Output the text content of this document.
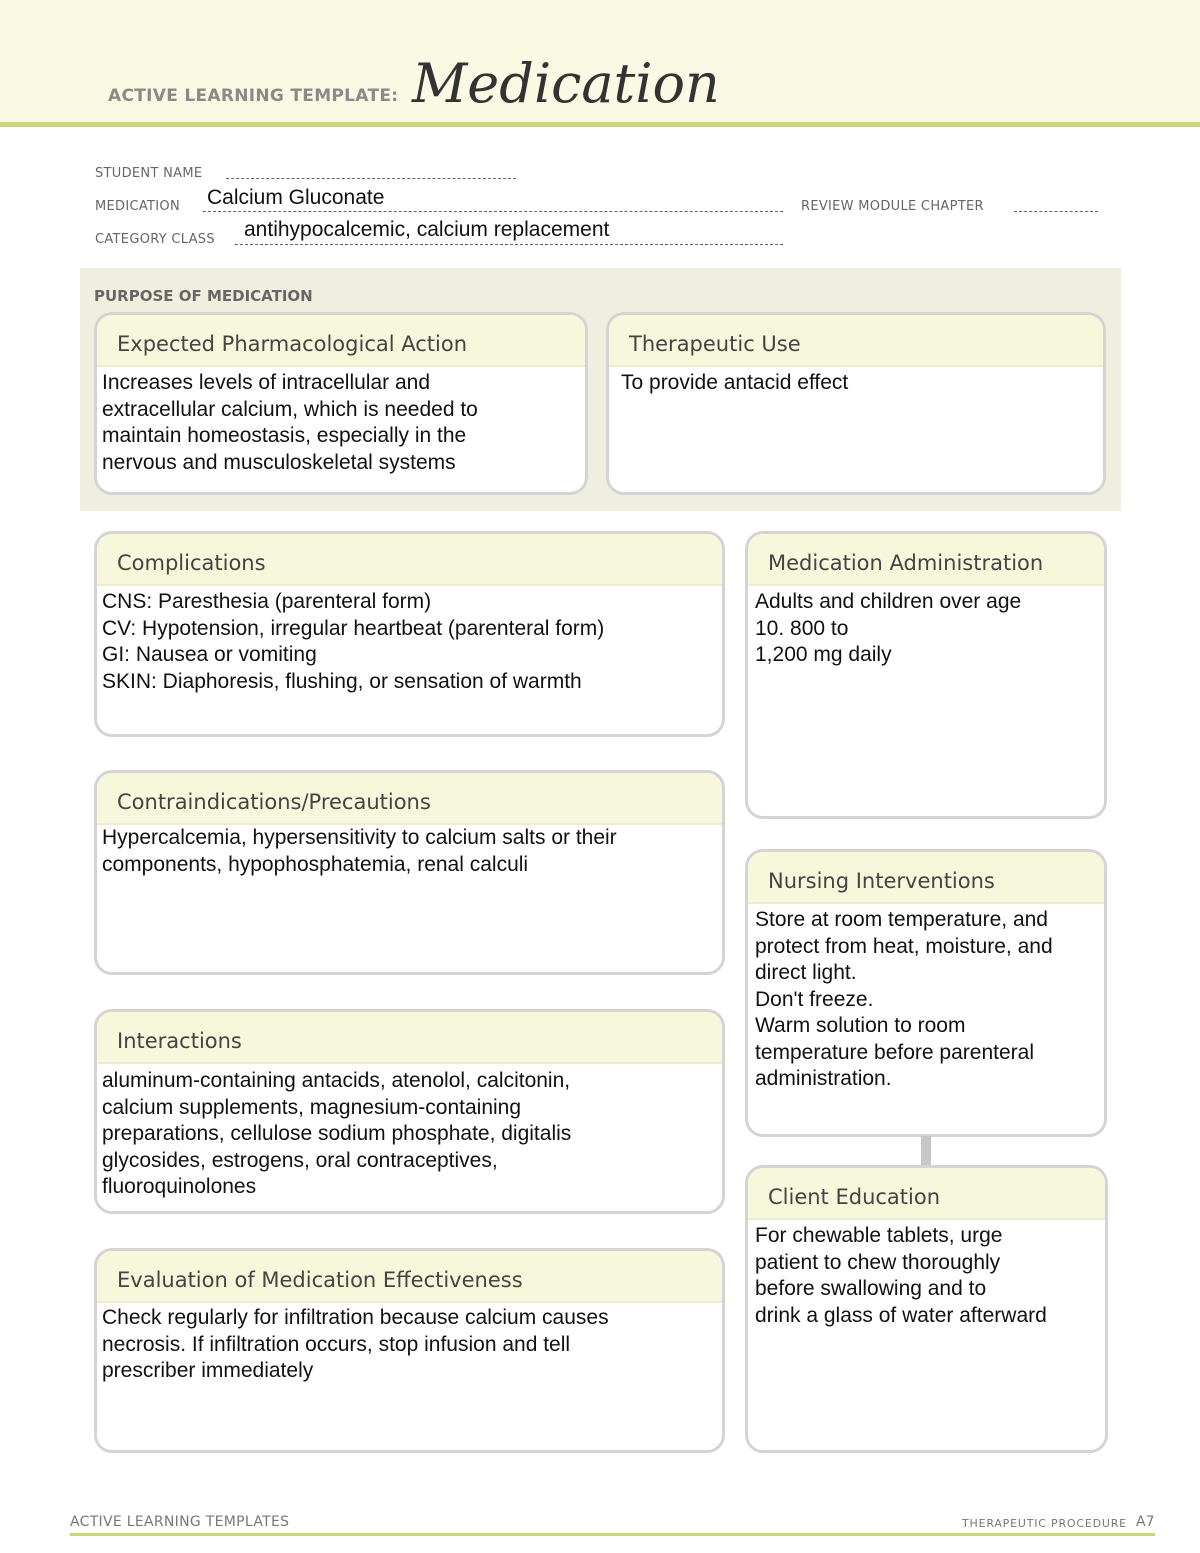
ACTIVE LEARNING TEMPLATE: Medication
STUDENT NAME
MEDICATION Calcium Gluconate	REVIEW MODULE CHAPTER
CATEGORY CLASS antihypocalcemic, calcium replacement
PURPOSE OF MEDICATION
Expected Pharmacological Action
Increases levels of intracellular and
extracellular calcium, which is needed to
maintain homeostasis, especially in the
nervous and musculoskeletal systems
Therapeutic Use
To provide antacid effect
Complications
CNS: Paresthesia (parenteral form)
CV: Hypotension, irregular heartbeat (parenteral form)
GI: Nausea or vomiting
SKIN: Diaphoresis, flushing, or sensation of warmth
Contraindications/Precautions
Hypercalcemia, hypersensitivity to calcium salts or their
components, hypophosphatemia, renal calculi
Interactions
aluminum-containing antacids, atenolol, calcitonin,
calcium supplements, magnesium-containing
preparations, cellulose sodium phosphate, digitalis
glycosides, estrogens, oral contraceptives,
fluoroquinolones
Evaluation of Medication Effectiveness
Check regularly for infiltration because calcium causes
necrosis. If infiltration occurs, stop infusion and tell
prescriber immediately
Medication Administration
Adults and children over age
10. 800 to
1,200 mg daily
Nursing Interventions
Store at room temperature, and
protect from heat, moisture, and
direct light.
Don't freeze.
Warm solution to room
temperature before parenteral
administration.
Client Education
For chewable tablets, urge
patient to chew thoroughly
before swallowing and to
drink a glass of water afterward
ACTIVE LEARNING TEMPLATES	THERAPEUTIC PROCEDURE A7
